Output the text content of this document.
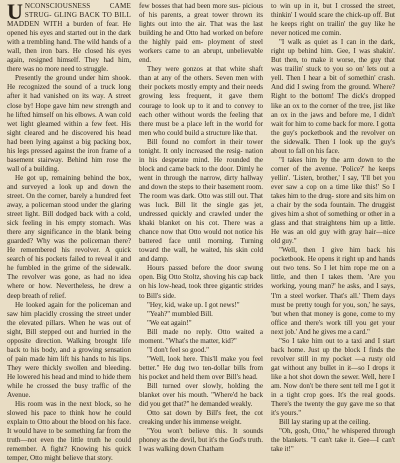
UNCONSCIOUSNESS CAME STRUG- GLING BACK TO BILL MADDEN WITH a burden of fear. He opened his eyes and started out in the dark with a trembling hand. The wild hands of a wall, then iron bars. He closed his eyes again, resigned himself. They had him, there was no more need to struggle.

Presently the ground under him shook. He recognized the sound of a truck long after it had vanished on its way. A street close by! Hope gave him new strength and he lifted himself on his elbows. A wan cold wet light gleamed within a few feet. His sight cleared and he discovered his head had been lying against a big packing box, his legs pressed against the iron frame of a basement stairway. Behind him rose the wall of a building.

He got up, remaining behind the box, and surveyed a look up and down the street. On the corner, barely a hundred feet away, a policeman stood under the glaring street light. Bill dodged back with a cold, sick feeling in his empty stomach. Was there any significance in the blank being guarded? Why was the policeman there? He remembered his revolver. A quick search of his pockets failed to reveal it and he fumbled in the grime of the sidewalk. The revolver was gone, as had no idea where or how. Nevertheless, he drew a deep breath of relief.

He looked again for the policeman and saw him placidly crossing the street under the elevated pillars. When he was out of sight, Bill stepped out and hurried in the opposite direction. Walking brought life back to his body, and a growing sensation of pain made him lift his hands to his lips. They were thickly swollen and bleeding. He lowered his head and mind to hide them while he crossed the busy traffic of the Avenue.

His room was in the next block, so he slowed his pace to think how he could explain to Otto about the blood on his face. It would have to be something far from the truth—not even the little truth he could remember. A fight? Knowing his quick temper, Otto might believe that story.

few bosses that had been more sus- picious of his parents, a great tower thrown its lights out into the air. That was the last building he and Otto had worked on before the highly paid em- ployment of steel workers came to an abrupt, unbelievable end.

They were gonzos at that white shaft than at any of the others. Seven men with their pockets mostly empty and their needs growing less frequent, it gave them courage to look up to it and to convey to each other without words the feeling that there must be a place left in the world for men who could build a structure like that.

Bill found no comfort in their tower tonight. It only increased the resig- nation in his desperate mind. He rounded the block and came back to the door. Dimly he went in through the narrow, dirty hallway and down the steps to their basement room. The room was dark. Otto was still out. That was luck. Bill lit the single gas jet, undressed quickly and crawled under the khaki blanket on his cot. There was a chance now that Otto would not notice his battered face until morning. Turning toward the wall, he waited, his skin cold and damp.

Hours passed before the door swung open. Big Otto Stoltz, shoving his cap back on his low-head, took three gigantic strides to Bill's side.

"Hey, kid, wake up. I got news!"

"Yeah?" mumbled Bill.

"We eat again!"

Bill made no reply. Otto waited a moment. "What's the matter, kid?"

"I don't feel so good."

"Well, look here. This'll make you feel better." He dug two ten-dollar bills from his pocket and held them over Bill's head.

Bill turned over slowly, holding the blanket over his mouth. "Where'd he back did you get that?" he demanded weakly.

Otto sat down by Bill's feet, the cot creaking under his immense weight.

"You won't believe this. It sounds phoney as the devil, but it's the God's truth. I was walking down Chatham

to win up in it, but I crossed the street, thinkin' I would scare the chick-up off. But he keeps right on trailin' the guy like he never noticed me comin.

"I walk as quiet as I can in the dark, right up behind him. Gee, I was shakin'. But then, to make it worse, the guy that was trailin' stuck to you so on' lets out a yell. Then I hear a bit of somethin' crash. And did I swing from the ground. Where? Right to the bottom! The dick's dropped like an ox to the corner of the tree, jist like an ox in the jaws and before me, I didn't wait for him to come back for more. I gotta the guy's pocketbook and the revolver on the sidewalk. Then I look up the guy's about to fall on his face.

"I takes him by the arm down to the corner of the avenue. 'Police?' he keeps yellin'. 'Listen, brother,' I say, 'I'll bet you ever saw a cop on a time like this!' So I takes him to the drug- store and sits him on a chair by the soda fountain. The druggist gives him a shot of something or other in a glass and that straightens him up a little. He was an old guy with gray hair—nice old guy."

"Well, then I give him back his pocketbook. He opens it right up and hands out two tens. So I let him rope me on a little, and then I takes them. 'Are you working, young man?' he asks, and I says, 'I'm a steel worker. That's all.' Them days must be pretty tough for you, son,' he says, 'but when that money is gone, come to my office and there's work till you get your next job.' And he gives me a card."

"So I take him out to a taxi and I start back home. Just up the block I finds the revolver still in my pocket —a rusty old gat without any bullet in it—so I drops it like a hot shot down the sewer. Well, here I am. Now don't be there sent tell me I got it in a tight crop goes. It's the real goods. There's the twenty the guy gave me so that it's yours."

Bill lay staring up at the ceiling.

"Oh, gosh, Otto," he whispered through the blankets. "I can't take it. Gee—I can't take it!"
